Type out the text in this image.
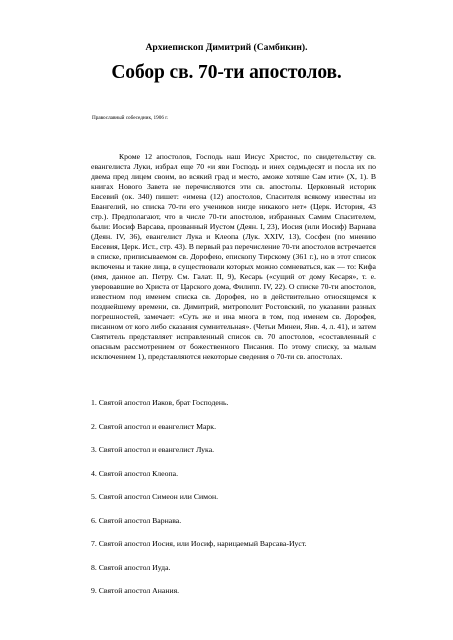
Архиепископ Димитрий (Самбикин).
Собор св. 70-ти апостолов.
Православный собеседник, 1906 г.

Кроме 12 апостолов, Господь наш Иисус Христос, по свидетельству св. евангелиста Луки, избрал еще 70 «и яви Господь и инех седмьдесят и посла их по двема пред лицем своим, во всякий град и место, аможе хотяше Сам ити» (X, 1). В книгах Нового Завета не перечисляются эти св. апостолы. Церковный историк Евсевий (ок. 340) пишет: «имена (12) апостолов, Спасителя всякому известны из Евангелий, но списка 70-ти его учеников нигде никакого нет» (Церк. История, 43 стр.). Предполагают, что в числе 70-ти апостолов, избранных Самим Спасителем, были: Иосиф Варсава, прозванный Иустом (Деян. I, 23), Иосия (или Иосиф) Варнава (Деян. IV, 36), евангелист Лука и Клеопа (Лук. XXIV, 13), Сосфен (по мнению Евсевия, Церк. Ист., стр. 43). В первый раз перечисление 70-ти апостолов встречается в списке, приписываемом св. Дорофею, епископу Тирскому (361 г.), но в этот список включены и такие лица, в существовали которых можно сомневаться, как — то: Кифа (имя, данное ап. Петру. См. Галат. II, 9), Кесарь («сущий от дому Кесаря», т. е. уверовавшие во Христа от Царского дома, Филипп. IV, 22). О списке 70-ти апостолов, известном под именем списка св. Дорофея, но в действительно относящемся к позднейшему времени, св. Димитрий, митрополит Ростовский, по указании разных погрешностей, замечает: «Суть же и ина многа в том, под именем св. Дорофея, писанном от кого либо сказания сумнительная». (Четьи Минеи, Янв. 4, л. 41), и затем Святитель представляет исправленный список св. 70 апостолов, «составленный с опасным рассмотрением от божественного Писания. По этому списку, за малым исключением 1), представляются некоторые сведения о 70-ти св. апостолах.

1. Святой апостол Иаков, брат Господень.
2. Святой апостол и евангелист Марк.
3. Святой апостол и евангелист Лука.
4. Святой апостол Клеопа.
5. Святой апостол Симеон или Симон.
6. Святой апостол Варнава.
7. Святой апостол Иосия, или Иосиф, нарицаемый Варсава-Иуст.
8. Святой апостол Иуда.
9. Святой апостол Анания.
